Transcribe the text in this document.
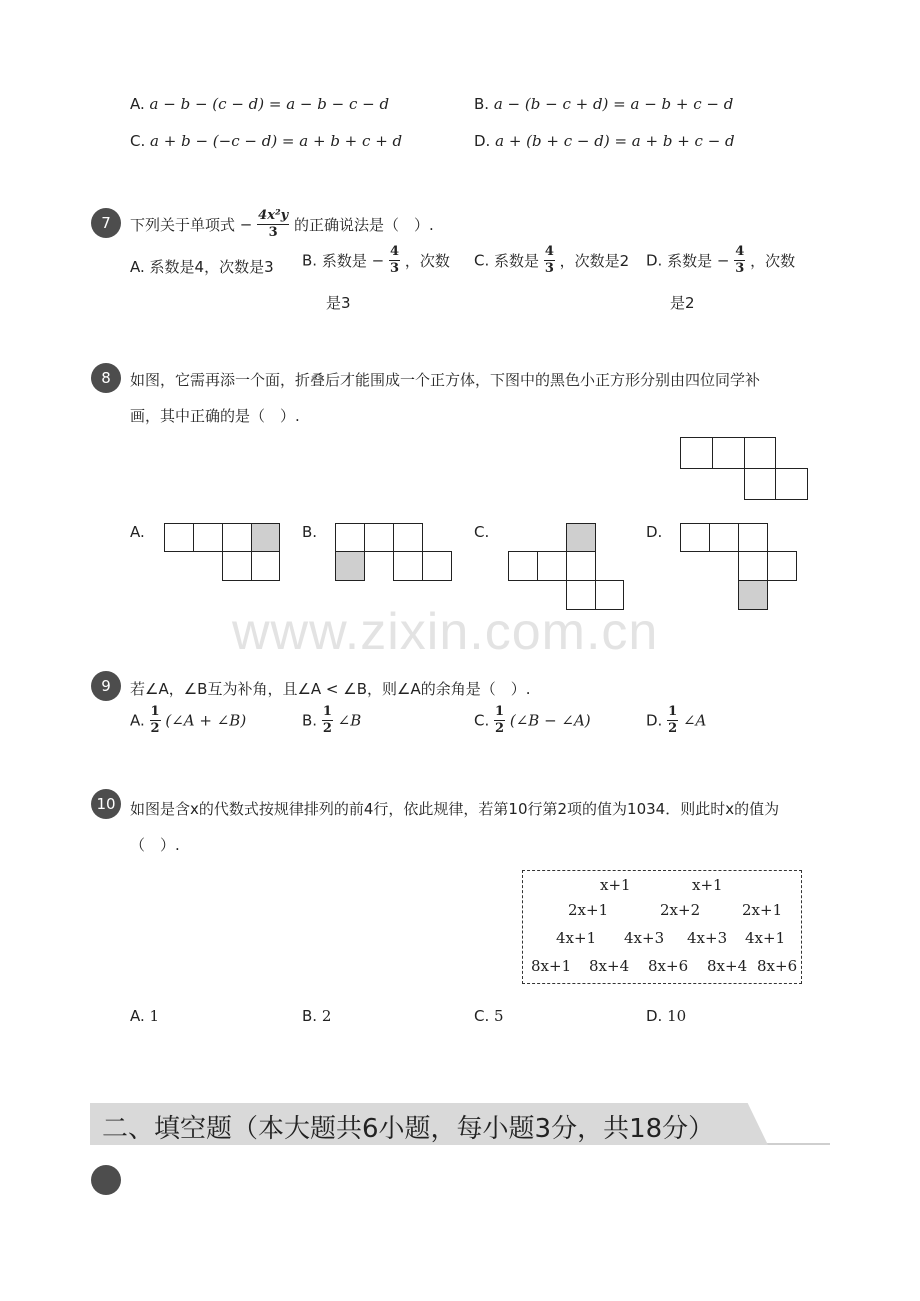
A. a − b − (c − d) = a − b − c − d	B. a − (b − c + d) = a − b + c − d
C. a + b − (−c − d) = a + b + c + d	D. a + (b + c − d) = a + b + c − d
7	下列关于单项式 − $\frac{\text{4x²y}}{3}$ 的正确说法是（　）.
A. 系数是4，次数是3 B. 系数是 − $\frac{4}{3}$ ，次数
是3
C. 系数是 $\frac{4}{3}$ ，次数是2 D. 系数是 − $\frac{4}{3}$ ，次数
是2
8	如图，它需再添一个面，折叠后才能围成一个正方体，下图中的黑色小正方形分别由四位同学补
画，其中正确的是（　）.
A.	B.	C.	D.
www.zixin.com.cn
9	若∠A，∠B互为补角，且∠A < ∠B，则∠A的余角是（　）.
A. $\frac{1}{2}$ (∠A + ∠B)	B. $\frac{1}{2}$ ∠B	C. $\frac{1}{2}$ (∠B − ∠A)	D. $\frac{1}{2}$ ∠A
10 如图是含x的代数式按规律排列的前4行，依此规律，若第10行第2项的值为1034．则此时x的值为
（　）.
x+1	x+1
2x+1	2x+2	2x+1
4x+1 4x+3 4x+3 4x+1
8x+1 8x+4 8x+6 8x+4 8x+6
A. 1	B. 2	C. 5	D. 10
二、填空题（本大题共6小题，每小题3分，共18分）
